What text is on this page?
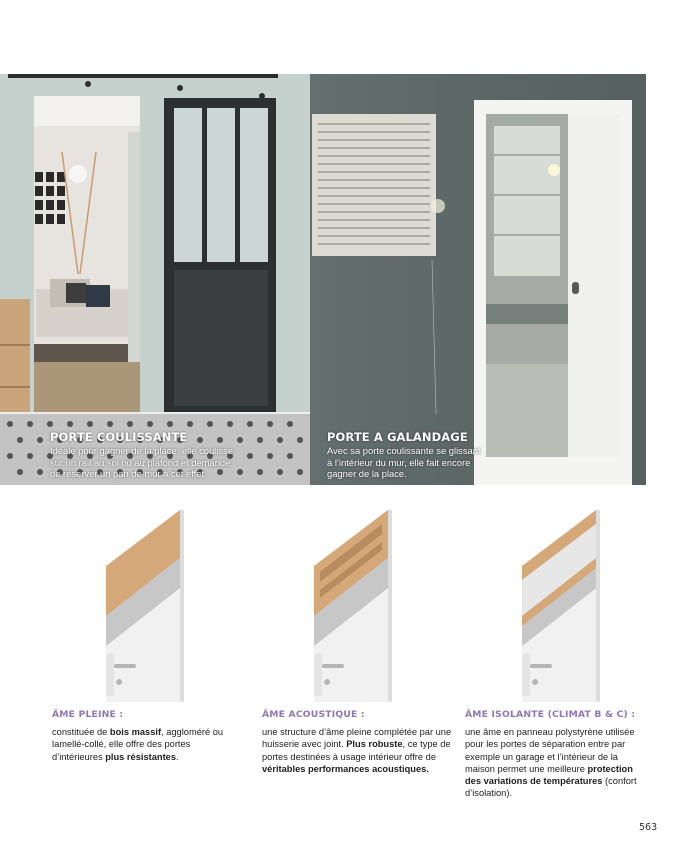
PORTE COULISSANTE
Idéale pour gagner de la place, elle coulisse
sur un rail au sol ou au plafond et demande
de réserver un pan de mur à cet effet.
PORTE A GALANDAGE
Avec sa porte coulissante se glissant
à l’intérieur du mur, elle fait encore
gagner de la place.
ÂME PLEINE :
constituée de bois massif, aggloméré ou lamellé-collé, elle offre des portes d’intérieures plus résistantes.
ÂME ACOUSTIQUE :
une structure d’âme pleine complétée par une huisserie avec joint. Plus robuste, ce type de portes destinées à usage intérieur offre de véritables performances acoustiques.
ÂME ISOLANTE (CLIMAT B & C) :
une âme en panneau polystyrène utilisée pour les portes de séparation entre par exemple un garage et l’intérieur de la maison permet une meilleure protection des variations de températures (confort d’isolation).
563
